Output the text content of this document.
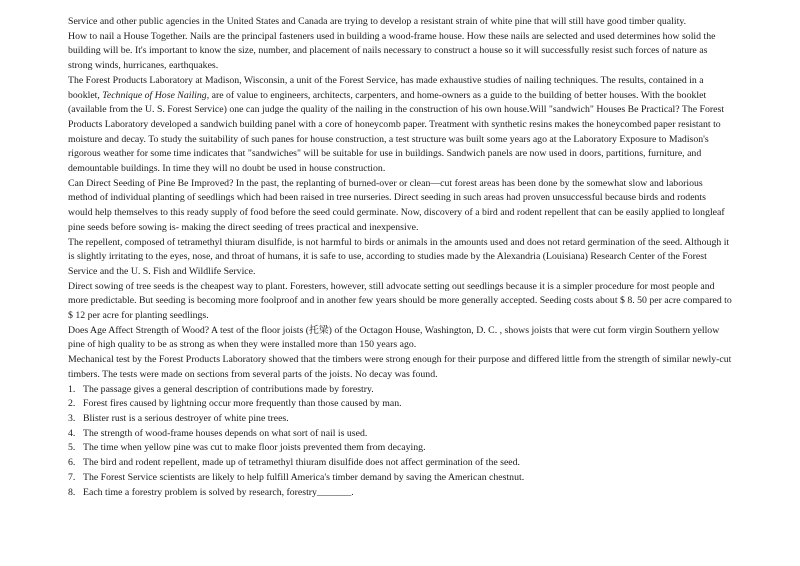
Service and other public agencies in the United States and Canada are trying to develop a resistant strain of white pine that will still have good timber quality.

How to nail a House Together. Nails are the principal fasteners used in building a wood-frame house. How these nails are selected and used determines how solid the building will be. It's important to know the size, number, and placement of nails necessary to construct a house so it will successfully resist such forces of nature as strong winds, hurricanes, earthquakes.

The Forest Products Laboratory at Madison, Wisconsin, a unit of the Forest Service, has made exhaustive studies of nailing techniques. The results, contained in a booklet, Technique of Hose Nailing, are of value to engineers, architects, carpenters, and home-owners as a guide to the building of better houses. With the booklet (available from the U. S. Forest Service) one can judge the quality of the nailing in the construction of his own house.Will "sandwich" Houses Be Practical? The Forest Products Laboratory developed a sandwich building panel with a core of honeycomb paper. Treatment with synthetic resins makes the honeycombed paper resistant to moisture and decay. To study the suitability of such panes for house construction, a test structure was built some years ago at the Laboratory Exposure to Madison's rigorous weather for some time indicates that "sandwiches" will be suitable for use in buildings. Sandwich panels are now used in doors, partitions, furniture, and demountable buildings. In time they will no doubt be used in house construction.

Can Direct Seeding of Pine Be Improved? In the past, the replanting of burned-over or clean—cut forest areas has been done by the somewhat slow and laborious method of individual planting of seedlings which had been raised in tree nurseries. Direct seeding in such areas had proven unsuccessful because birds and rodents would help themselves to this ready supply of food before the seed could germinate. Now, discovery of a bird and rodent repellent that can be easily applied to longleaf pine seeds before sowing is- making the direct seeding of trees practical and inexpensive.

The repellent, composed of tetramethyl thiuram disulfide, is not harmful to birds or animals in the amounts used and does not retard germination of the seed. Although it is slightly irritating to the eyes, nose, and throat of humans, it is safe to use, according to studies made by the Alexandria (Louisiana) Research Center of the Forest Service and the U. S. Fish and Wildlife Service.

Direct sowing of tree seeds is the cheapest way to plant. Foresters, however, still advocate setting out seedlings because it is a simpler procedure for most people and more predictable. But seeding is becoming more foolproof and in another few years should be more generally accepted. Seeding costs about $ 8. 50 per acre compared to $ 12 per acre for planting seedlings.

Does Age Affect Strength of Wood? A test of the floor joists (托梁) of the Octagon House, Washington, D. C. , shows joists that were cut form virgin Southern yellow pine of high quality to be as strong as when they were installed more than 150 years ago.

Mechanical test by the Forest Products Laboratory showed that the timbers were strong enough for their purpose and differed little from the strength of similar newly-cut timbers. The tests were made on sections from several parts of the joists. No decay was found.

1. The passage gives a general description of contributions made by forestry.
2. Forest fires caused by lightning occur more frequently than those caused by man.
3. Blister rust is a serious destroyer of white pine trees.
4. The strength of wood-frame houses depends on what sort of nail is used.
5. The time when yellow pine was cut to make floor joists prevented them from decaying.
6. The bird and rodent repellent, made up of tetramethyl thiuram disulfide does not affect germination of the seed.
7. The Forest Service scientists are likely to help fulfill America's timber demand by saving the American chestnut.
8. Each time a forestry problem is solved by research, forestry_______.
